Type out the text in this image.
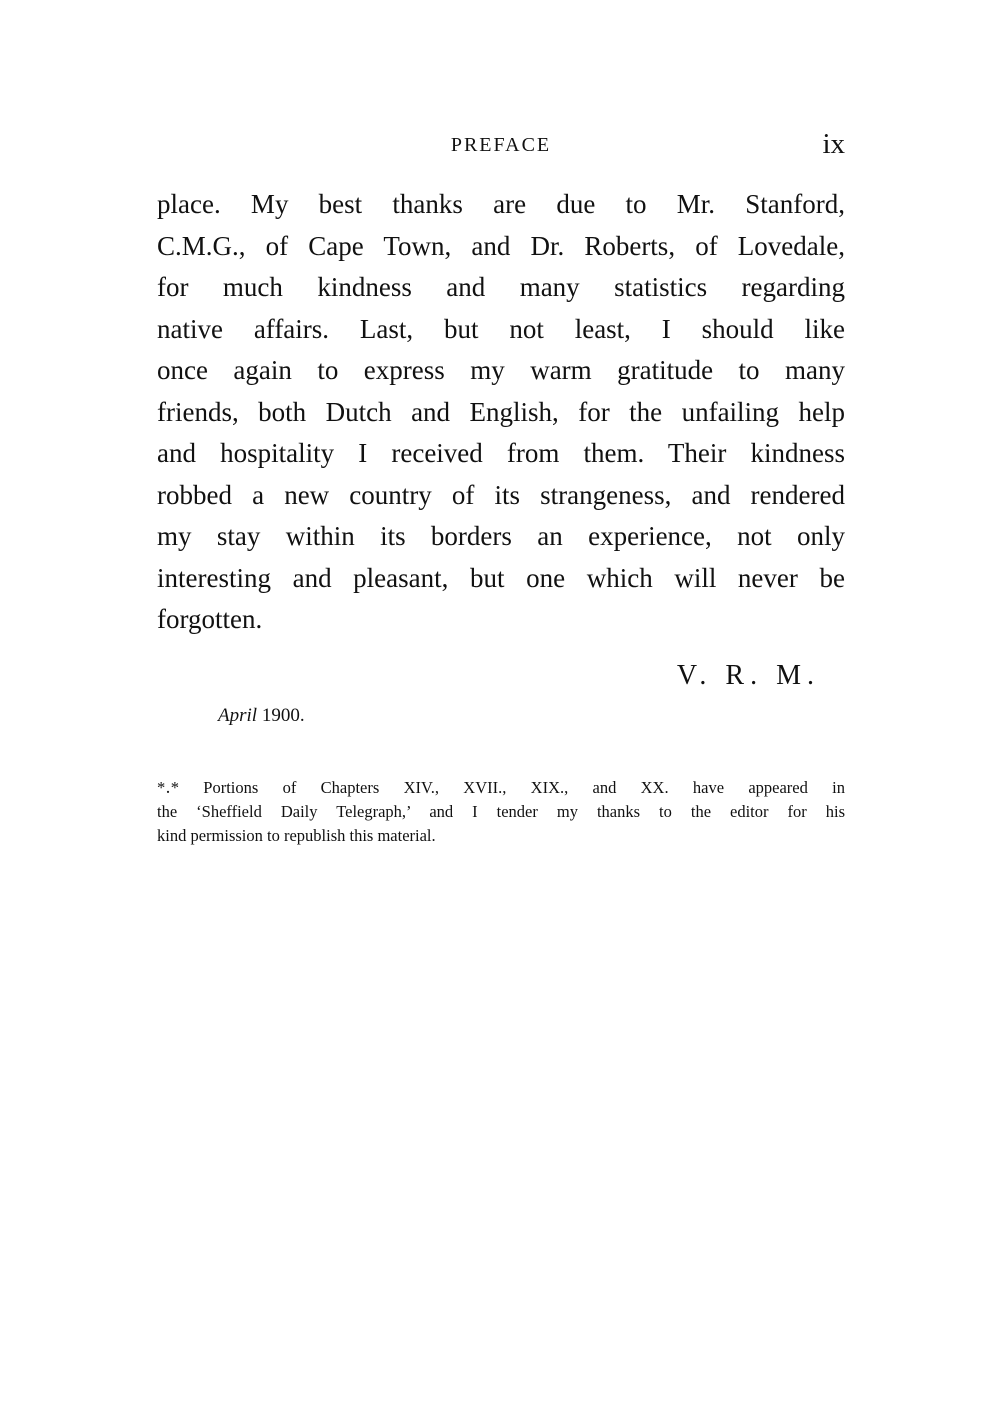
PREFACE	ix
place. My best thanks are due to Mr. Stanford,
C.M.G., of Cape Town, and Dr. Roberts, of Lovedale,
for much kindness and many statistics regarding
native affairs. Last, but not least, I should like
once again to express my warm gratitude to many
friends, both Dutch and English, for the unfailing help
and hospitality I received from them. Their kindness
robbed a new country of its strangeness, and rendered
my stay within its borders an experience, not only
interesting and pleasant, but one which will never be
forgotten.
V. R. M.
April 1900.
*․* Portions of Chapters XIV., XVII., XIX., and XX. have appeared in
the ‘Sheffield Daily Telegraph,’ and I tender my thanks to the editor for his
kind permission to republish this material.
